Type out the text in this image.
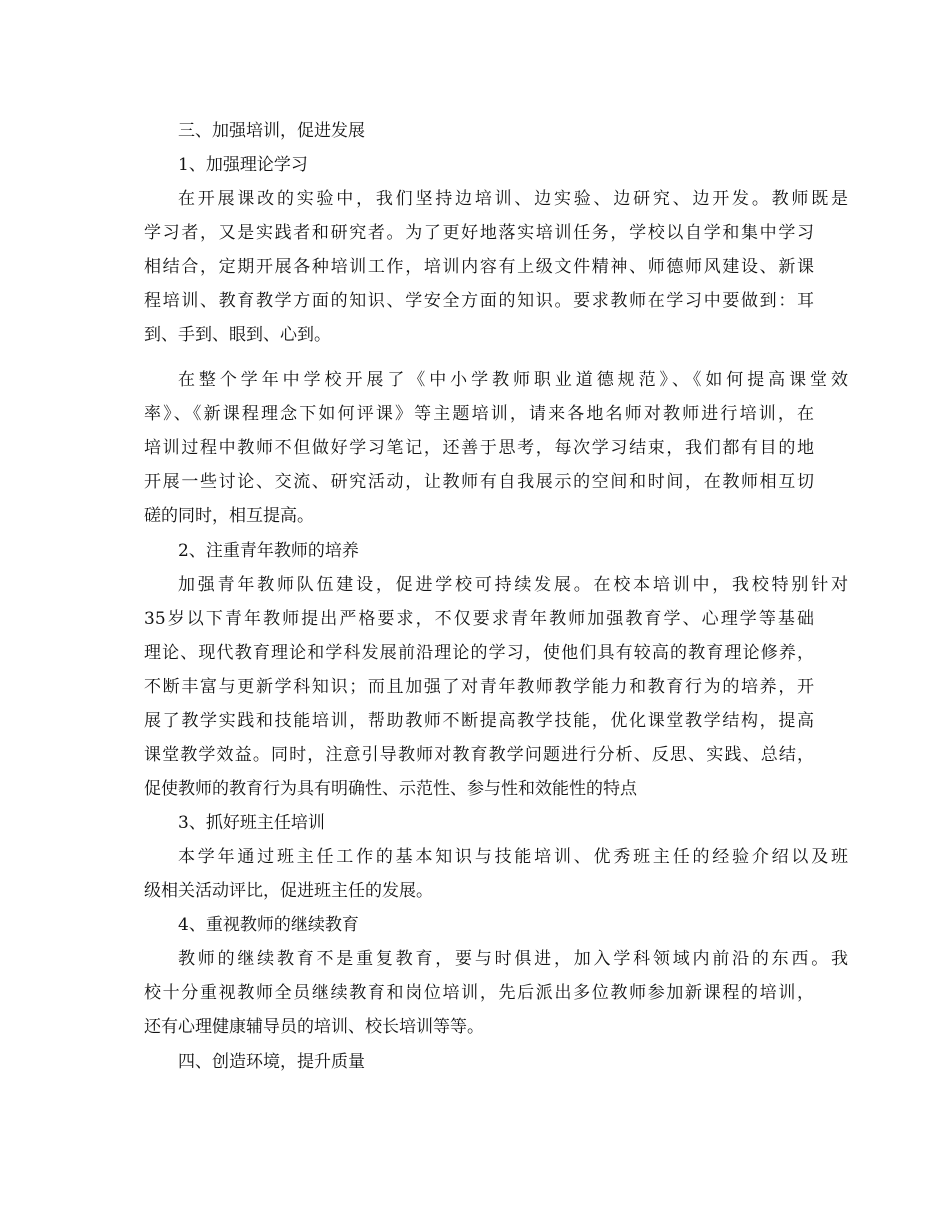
三、加强培训，促进发展
1、加强理论学习
在开展课改的实验中，我们坚持边培训、边实验、边研究、边开发。教师既是
学习者，又是实践者和研究者。为了更好地落实培训任务，学校以自学和集中学习
相结合，定期开展各种培训工作，培训内容有上级文件精神、师德师风建设、新课
程培训、教育教学方面的知识、学安全方面的知识。要求教师在学习中要做到：耳
到、手到、眼到、心到。
在整个学年中学校开展了《中小学教师职业道德规范》、《如何提高课堂效
率》、《新课程理念下如何评课》等主题培训，请来各地名师对教师进行培训，在
培训过程中教师不但做好学习笔记，还善于思考，每次学习结束，我们都有目的地
开展一些讨论、交流、研究活动，让教师有自我展示的空间和时间，在教师相互切
磋的同时，相互提高。
2、注重青年教师的培养
加强青年教师队伍建设，促进学校可持续发展。在校本培训中，我校特别针对
35岁以下青年教师提出严格要求，不仅要求青年教师加强教育学、心理学等基础
理论、现代教育理论和学科发展前沿理论的学习，使他们具有较高的教育理论修养，
不断丰富与更新学科知识；而且加强了对青年教师教学能力和教育行为的培养，开
展了教学实践和技能培训，帮助教师不断提高教学技能，优化课堂教学结构，提高
课堂教学效益。同时，注意引导教师对教育教学问题进行分析、反思、实践、总结，
促使教师的教育行为具有明确性、示范性、参与性和效能性的特点
3、抓好班主任培训
本学年通过班主任工作的基本知识与技能培训、优秀班主任的经验介绍以及班
级相关活动评比，促进班主任的发展。
4、重视教师的继续教育
教师的继续教育不是重复教育，要与时俱进，加入学科领域内前沿的东西。我
校十分重视教师全员继续教育和岗位培训，先后派出多位教师参加新课程的培训，
还有心理健康辅导员的培训、校长培训等等。
四、创造环境，提升质量
